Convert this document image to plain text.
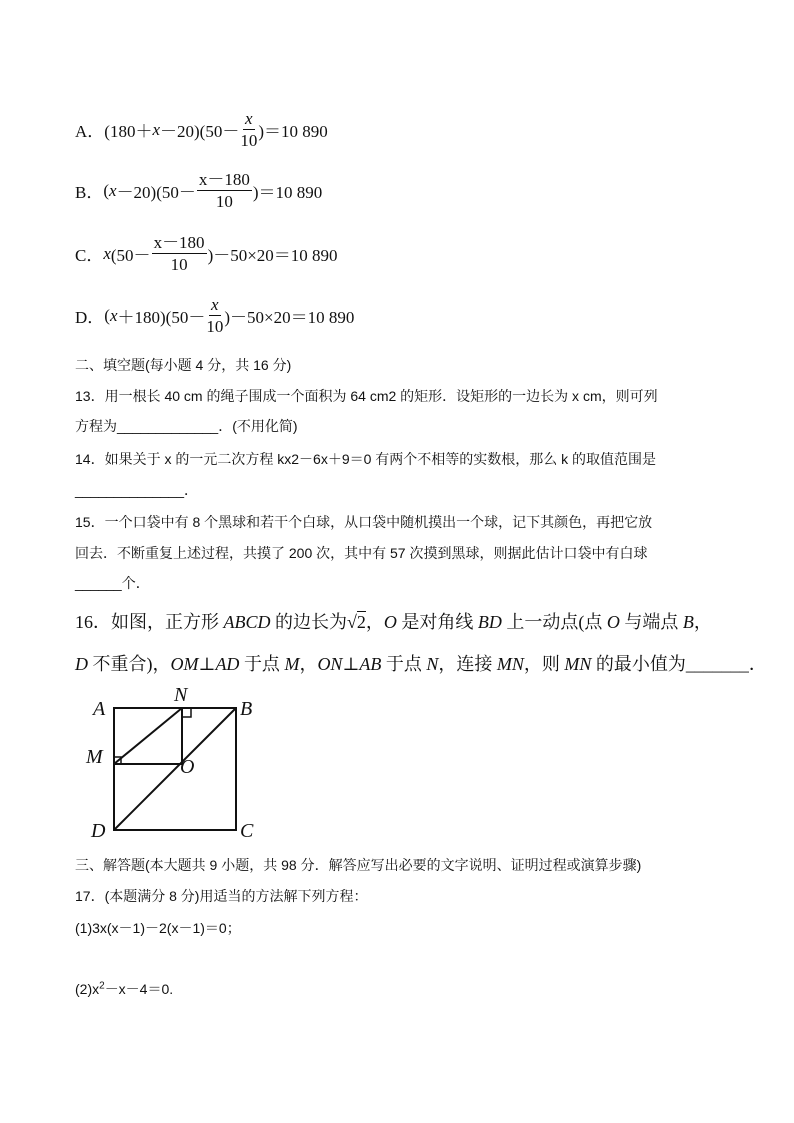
A． $(180+ x -20)(50- \frac{x}{10} )=10$ 890
B． ( $x -20)(50- \frac{x-180}{10} )=10$ 890
C． x $(50- \frac{x-180}{10} )-50\times 20=10$ 890
D． ( $x +180)(50- \frac{x}{10} )-50\times 20=10$ 890
二、填空题(每小题 4 分，共 16 分)
13．用一根长 40 cm 的绳子围成一个面积为 64 cm2 的矩形．设矩形的一边长为 x cm，则可列
方程为_____________．(不用化简)
14．如果关于 x 的一元二次方程 kx2－6x＋9＝0 有两个不相等的实数根，那么 k 的取值范围是
______________．
15．一个口袋中有 8 个黑球和若干个白球，从口袋中随机摸出一个球，记下其颜色，再把它放
回去．不断重复上述过程，共摸了 200 次，其中有 57 次摸到黑球，则据此估计口袋中有白球
______个．
16．如图，正方形 ABCD 的边长为√2，O 是对角线 BD 上一动点(点 O 与端点 B，
D 不重合)，OM⊥AD 于点 M，ON⊥AB 于点 N，连接 MN，则 MN 的最小值为_______．
A
N
B
M	O
D	C
三、解答题(本大题共 9 小题，共 98 分．解答应写出必要的文字说明、证明过程或演算步骤)
17．(本题满分 8 分)用适当的方法解下列方程：
(1)3x(x－1)－2(x－1)＝0；
$(2)x^2-x-4=0$.
